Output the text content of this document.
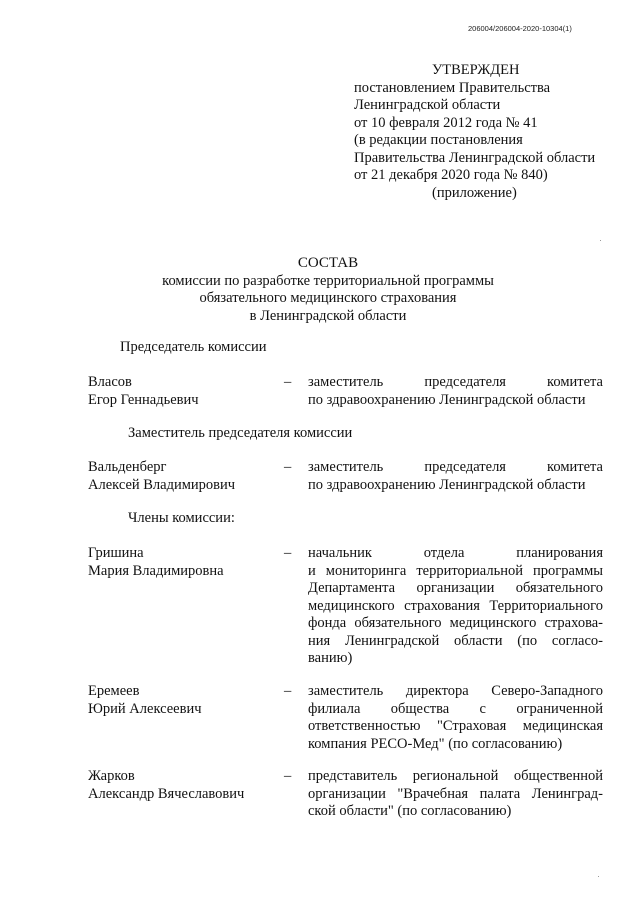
206004/206004-2020-10304(1)
УТВЕРЖДЕН
постановлением Правительства
Ленинградской области
от 10 февраля 2012 года № 41
(в редакции постановления
Правительства Ленинградской области
от 21 декабря 2020 года № 840)
(приложение)
СОСТАВ
комиссии по разработке территориальной программы
обязательного медицинского страхования
в Ленинградской области
Председатель комиссии
Власов
Егор Геннадьевич
– заместитель председателя комитета
по здравоохранению Ленинградской области
Заместитель председателя комиссии
Вальденберг
Алексей Владимирович
– заместитель председателя комитета
по здравоохранению Ленинградской области
Члены комиссии:
Гришина
Мария Владимировна
– начальник отдела планирования
и мониторинга территориальной программы
Департамента организации обязательного
медицинского страхования Территориального
фонда обязательного медицинского страхова-
ния Ленинградской области (по согласо-
ванию)
Еремеев
Юрий Алексеевич
– заместитель директора Северо-Западного
филиала общества с ограниченной
ответственностью "Страховая медицинская
компания РЕСО-Мед" (по согласованию)
Жарков
Александр Вячеславович
– представитель региональной общественной
организации "Врачебная палата Ленинград-
ской области" (по согласованию)
